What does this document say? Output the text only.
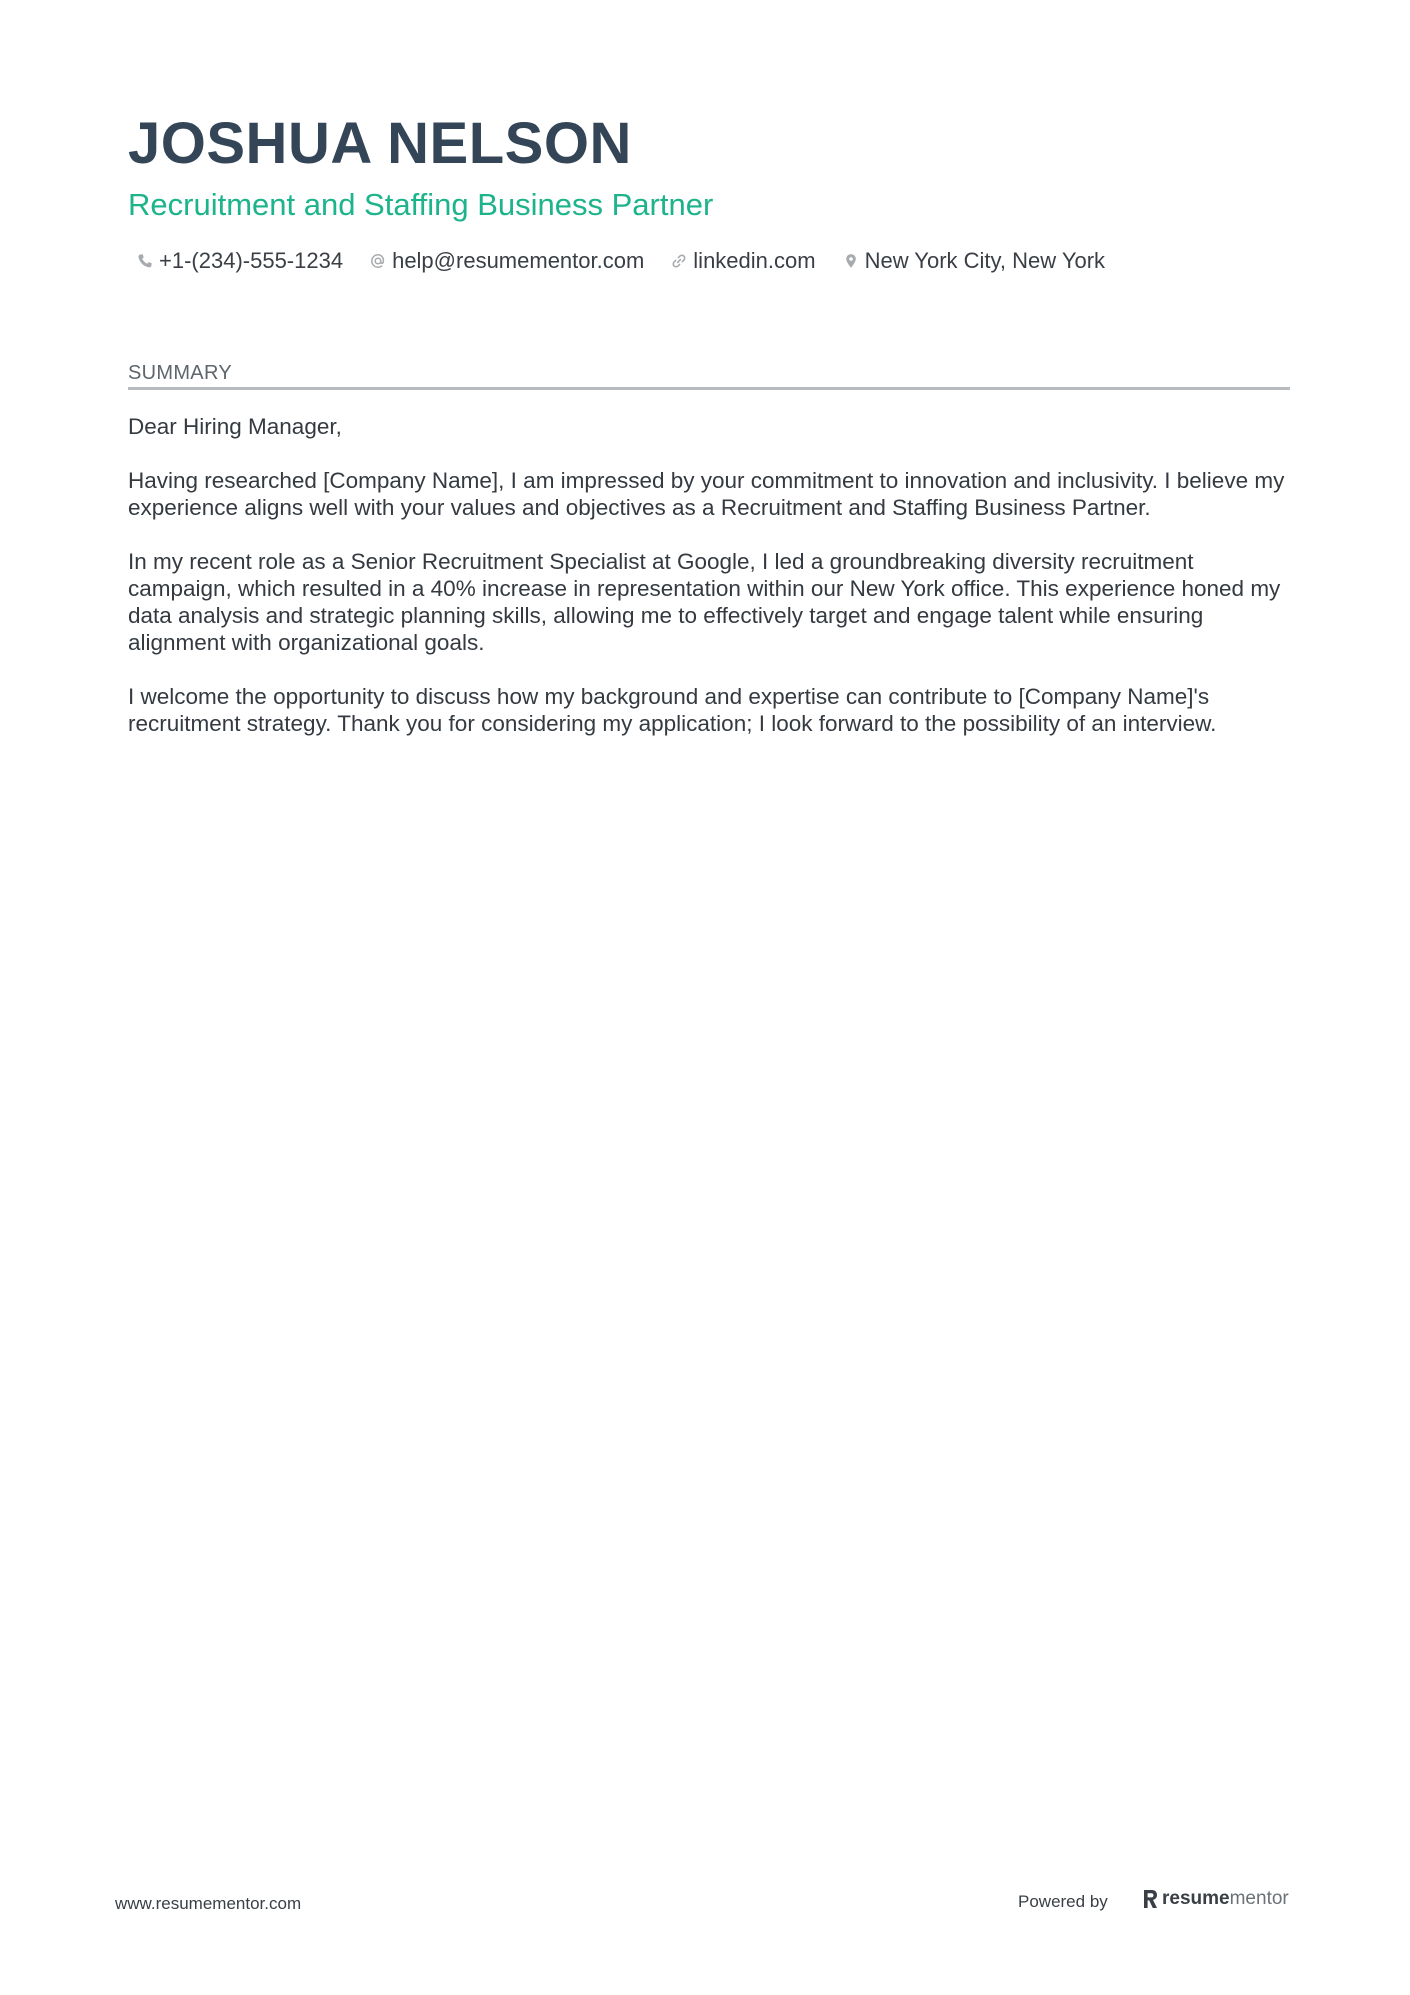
JOSHUA NELSON
Recruitment and Staffing Business Partner
+1-(234)-555-1234 help@resumementor.com linkedin.com New York City, New York
SUMMARY

Dear Hiring Manager,

Having researched [Company Name], I am impressed by your commitment to innovation and inclusivity. I believe my experience aligns well with your values and objectives as a Recruitment and Staffing Business Partner.

In my recent role as a Senior Recruitment Specialist at Google, I led a groundbreaking diversity recruitment campaign, which resulted in a 40% increase in representation within our New York office. This experience honed my data analysis and strategic planning skills, allowing me to effectively target and engage talent while ensuring alignment with organizational goals.

I welcome the opportunity to discuss how my background and expertise can contribute to [Company Name]'s recruitment strategy. Thank you for considering my application; I look forward to the possibility of an interview.

www.resumementor.com	Powered by	resume mentor
